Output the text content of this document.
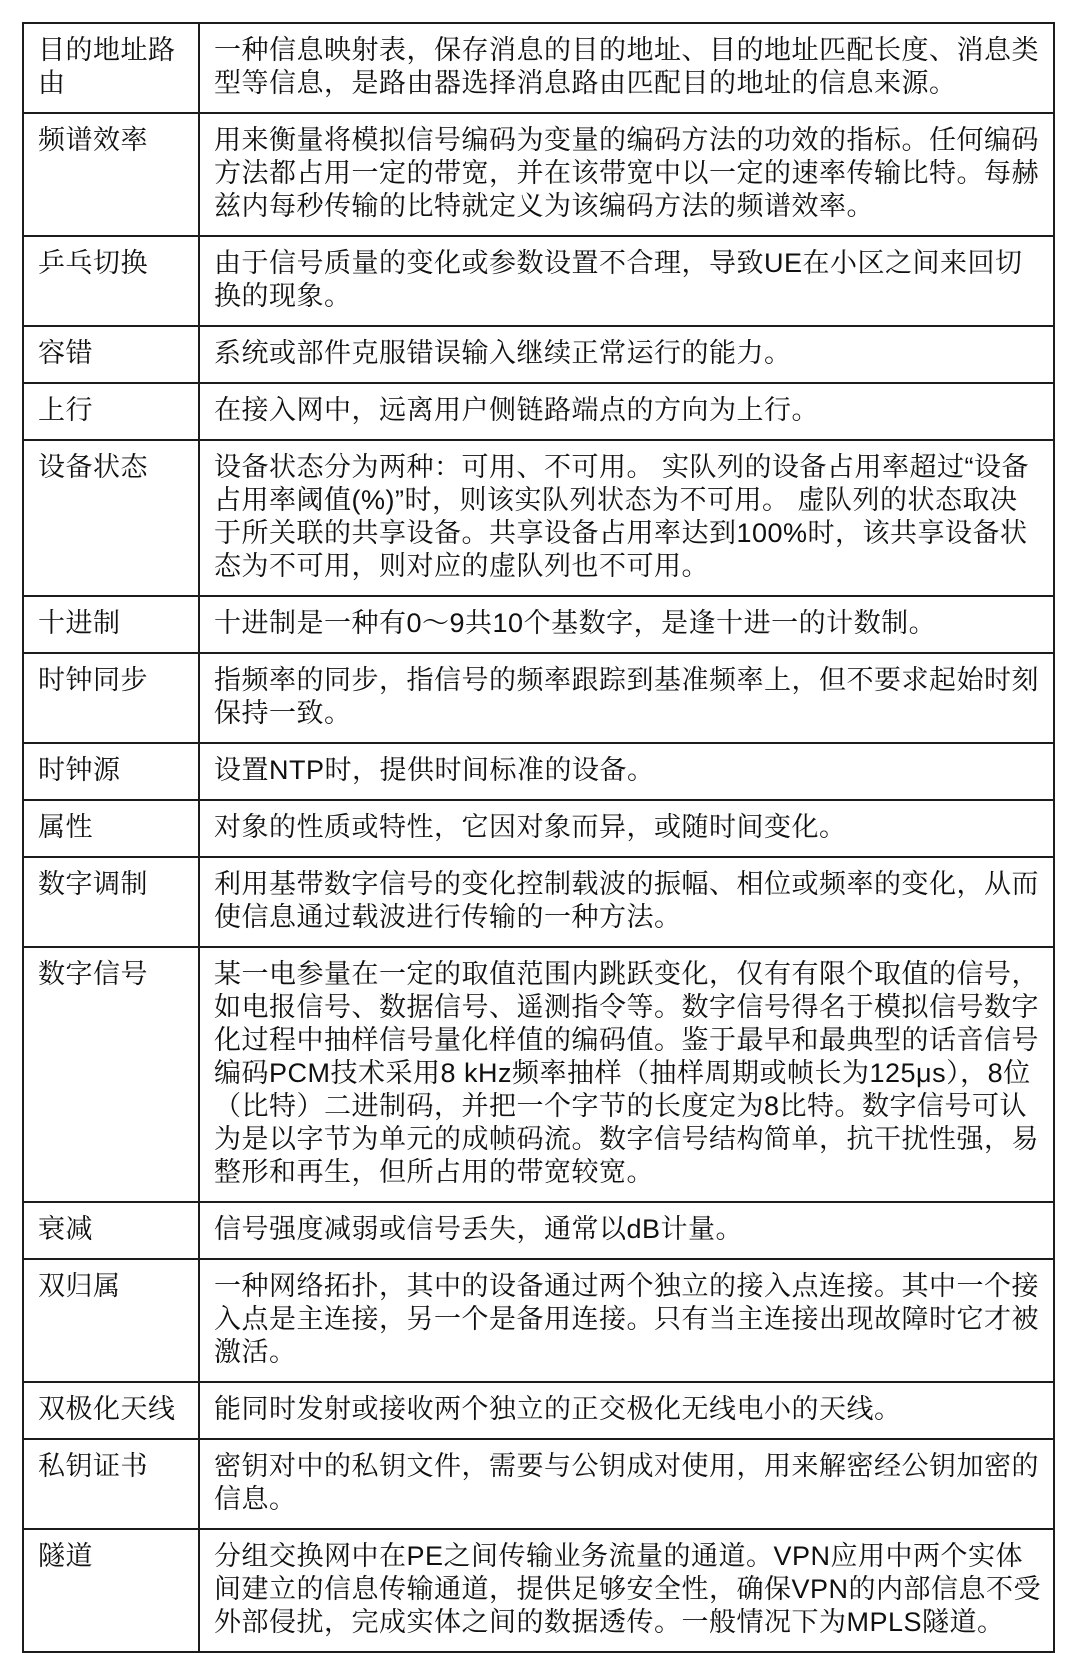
目的地址路由	一种信息映射表，保存消息的目的地址、目的地址匹配长度、消息类型等信息，是路由器选择消息路由匹配目的地址的信息来源。
频谱效率	用来衡量将模拟信号编码为变量的编码方法的功效的指标。任何编码方法都占用一定的带宽，并在该带宽中以一定的速率传输比特。每赫兹内每秒传输的比特就定义为该编码方法的频谱效率。
乒乓切换	由于信号质量的变化或参数设置不合理，导致UE在小区之间来回切换的现象。
容错	系统或部件克服错误输入继续正常运行的能力。
上行	在接入网中，远离用户侧链路端点的方向为上行。
设备状态	设备状态分为两种：可用、不可用。 实队列的设备占用率超过“设备占用率阈值(%)”时，则该实队列状态为不可用。 虚队列的状态取决于所关联的共享设备。共享设备占用率达到100%时，该共享设备状态为不可用，则对应的虚队列也不可用。
十进制	十进制是一种有0～9共10个基数字，是逢十进一的计数制。
时钟同步	指频率的同步，指信号的频率跟踪到基准频率上，但不要求起始时刻保持一致。
时钟源	设置NTP时，提供时间标准的设备。
属性	对象的性质或特性，它因对象而异，或随时间变化。
数字调制	利用基带数字信号的变化控制载波的振幅、相位或频率的变化，从而使信息通过载波进行传输的一种方法。
数字信号	某一电参量在一定的取值范围内跳跃变化，仅有有限个取值的信号，如电报信号、数据信号、遥测指令等。数字信号得名于模拟信号数字化过程中抽样信号量化样值的编码值。鉴于最早和最典型的话音信号编码PCM技术采用8 kHz频率抽样（抽样周期或帧长为125μs），8位（比特）二进制码，并把一个字节的长度定为8比特。数字信号可认为是以字节为单元的成帧码流。数字信号结构简单，抗干扰性强，易整形和再生，但所占用的带宽较宽。
衰减	信号强度减弱或信号丢失，通常以dB计量。
双归属	一种网络拓扑，其中的设备通过两个独立的接入点连接。其中一个接入点是主连接，另一个是备用连接。只有当主连接出现故障时它才被激活。
双极化天线	能同时发射或接收两个独立的正交极化无线电小的天线。
私钥证书	密钥对中的私钥文件，需要与公钥成对使用，用来解密经公钥加密的信息。
隧道	分组交换网中在PE之间传输业务流量的通道。VPN应用中两个实体间建立的信息传输通道，提供足够安全性，确保VPN的内部信息不受外部侵扰，完成实体之间的数据透传。一般情况下为MPLS隧道。
